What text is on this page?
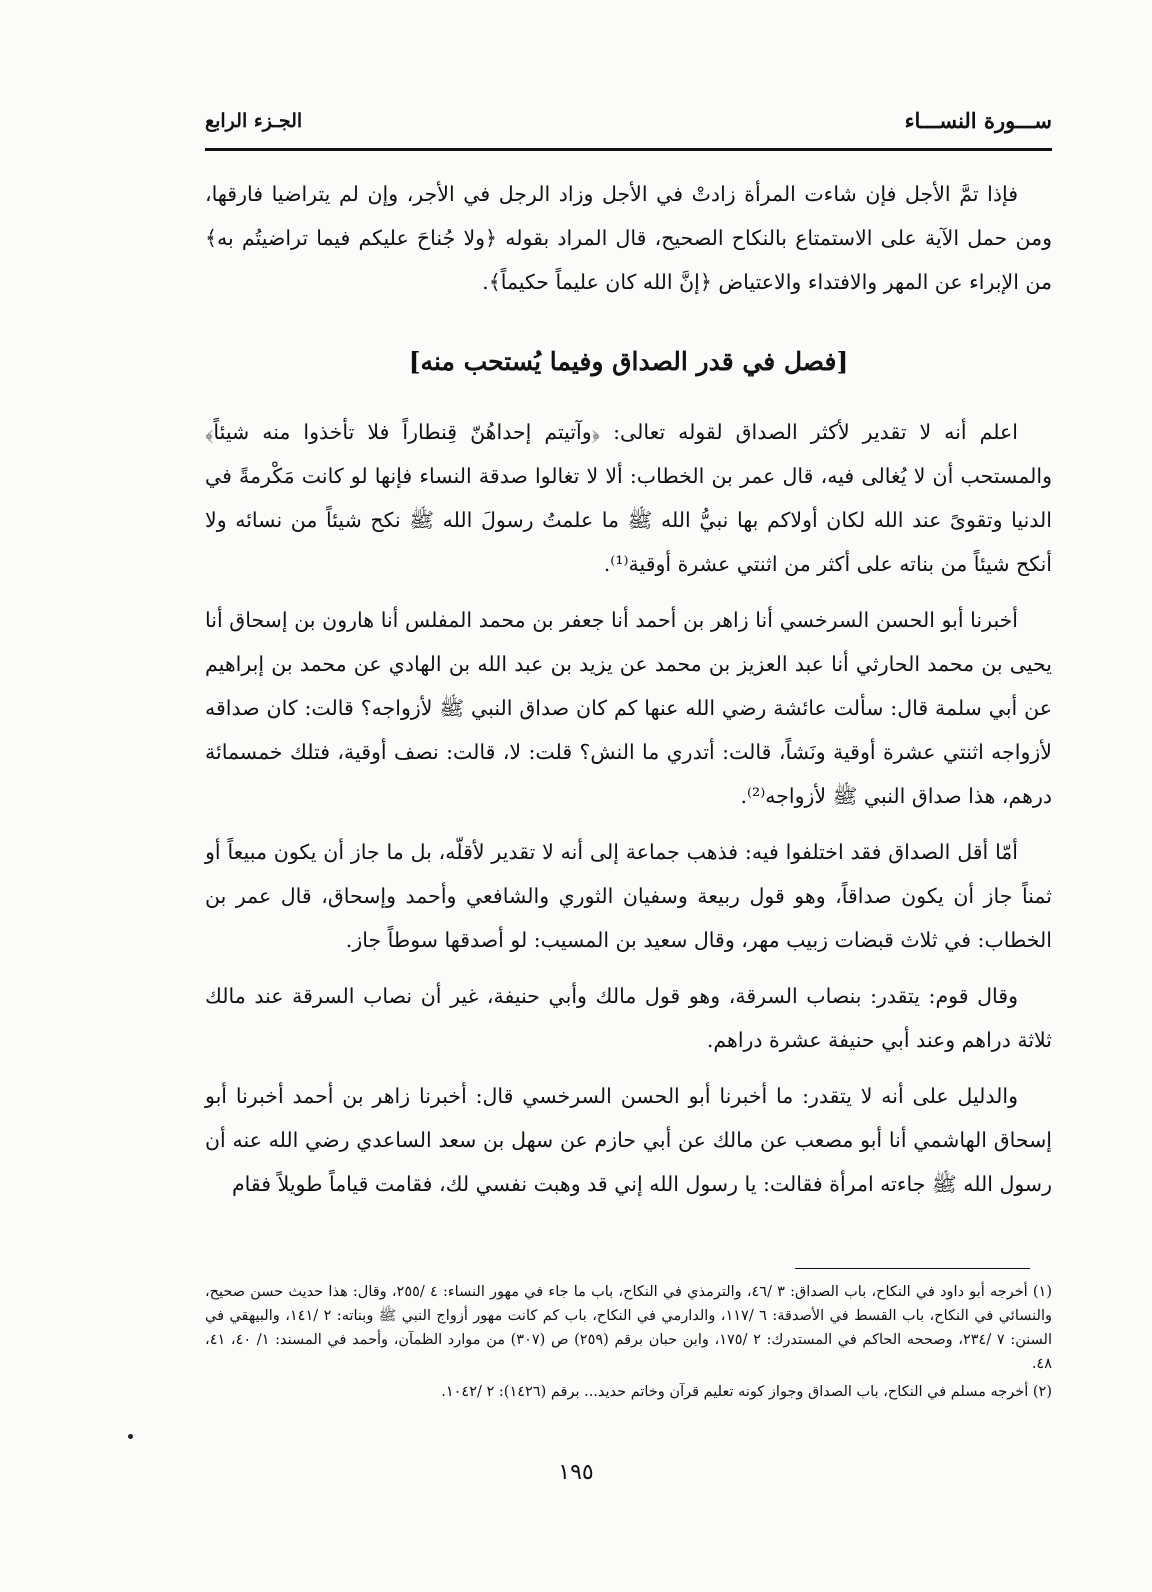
ســـورة النســـاء
الجـزء الرابع

فإذا تمَّ الأجل فإن شاءت المرأة زادتْ في الأجل وزاد الرجل في الأجر، وإن لم يتراضيا فارقها، ومن حمل الآية على الاستمتاع بالنكاح الصحيح، قال المراد بقوله ﴿ولا جُناحَ عليكم فيما تراضيتُم به﴾ من الإبراء عن المهر والافتداء والاعتياض ﴿إنَّ الله كان عليماً حكيماً﴾.

[فصل في قدر الصداق وفيما يُستحب منه]

اعلم أنه لا تقدير لأكثر الصداق لقوله تعالى: ﴿وآتيتم إحداهُنّ قِنطاراً فلا تأخذوا منه شيئاً﴾ والمستحب أن لا يُغالى فيه، قال عمر بن الخطاب: ألا لا تغالوا صدقة النساء فإنها لو كانت مَكْرمةً في الدنيا وتقوىً عند الله لكان أولاكم بها نبيُّ الله ﷺ ما علمتُ رسولَ الله ﷺ نكح شيئاً من نسائه ولا أنكح شيئاً من بناته على أكثر من اثنتي عشرة أوقية⁽¹⁾.

أخبرنا أبو الحسن السرخسي أنا زاهر بن أحمد أنا جعفر بن محمد المفلس أنا هارون بن إسحاق أنا يحيى بن محمد الحارثي أنا عبد العزيز بن محمد عن يزيد بن عبد الله بن الهادي عن محمد بن إبراهيم عن أبي سلمة قال: سألت عائشة رضي الله عنها كم كان صداق النبي ﷺ لأزواجه؟ قالت: كان صداقه لأزواجه اثنتي عشرة أوقية ونَشاً، قالت: أتدري ما النش؟ قلت: لا، قالت: نصف أوقية، فتلك خمسمائة درهم، هذا صداق النبي ﷺ لأزواجه⁽²⁾.

أمّا أقل الصداق فقد اختلفوا فيه: فذهب جماعة إلى أنه لا تقدير لأقلّه، بل ما جاز أن يكون مبيعاً أو ثمناً جاز أن يكون صداقاً، وهو قول ربيعة وسفيان الثوري والشافعي وأحمد وإسحاق، قال عمر بن الخطاب: في ثلاث قبضات زبيب مهر، وقال سعيد بن المسيب: لو أصدقها سوطاً جاز.

وقال قوم: يتقدر: بنصاب السرقة، وهو قول مالك وأبي حنيفة، غير أن نصاب السرقة عند مالك ثلاثة دراهم وعند أبي حنيفة عشرة دراهم.

والدليل على أنه لا يتقدر: ما أخبرنا أبو الحسن السرخسي قال: أخبرنا زاهر بن أحمد أخبرنا أبو إسحاق الهاشمي أنا أبو مصعب عن مالك عن أبي حازم عن سهل بن سعد الساعدي رضي الله عنه أن رسول الله ﷺ جاءته امرأة فقالت: يا رسول الله إني قد وهبت نفسي لك، فقامت قياماً طويلاً فقام

(١) أخرجه أبو داود في النكاح، باب الصداق: ٣ /٤٦، والترمذي في النكاح، باب ما جاء في مهور النساء: ٤ /٢٥٥، وقال: هذا حديث حسن صحيح، والنسائي في النكاح، باب القسط في الأصدقة: ٦ /١١٧، والدارمي في النكاح، باب كم كانت مهور أزواج النبي ﷺ وبناته: ٢ /١٤١، والبيهقي في السنن: ٧ /٢٣٤، وصححه الحاكم في المستدرك: ٢ /١٧٥، وابن حبان برقم (٢٥٩) ص (٣٠٧) من موارد الظمآن، وأحمد في المسند: ١/ ٤٠، ٤١، ٤٨.

(٢) أخرجه مسلم في النكاح، باب الصداق وجواز كونه تعليم قرآن وخاتم حديد... برقم (١٤٢٦): ٢ /١٠٤٢.

١٩٥
